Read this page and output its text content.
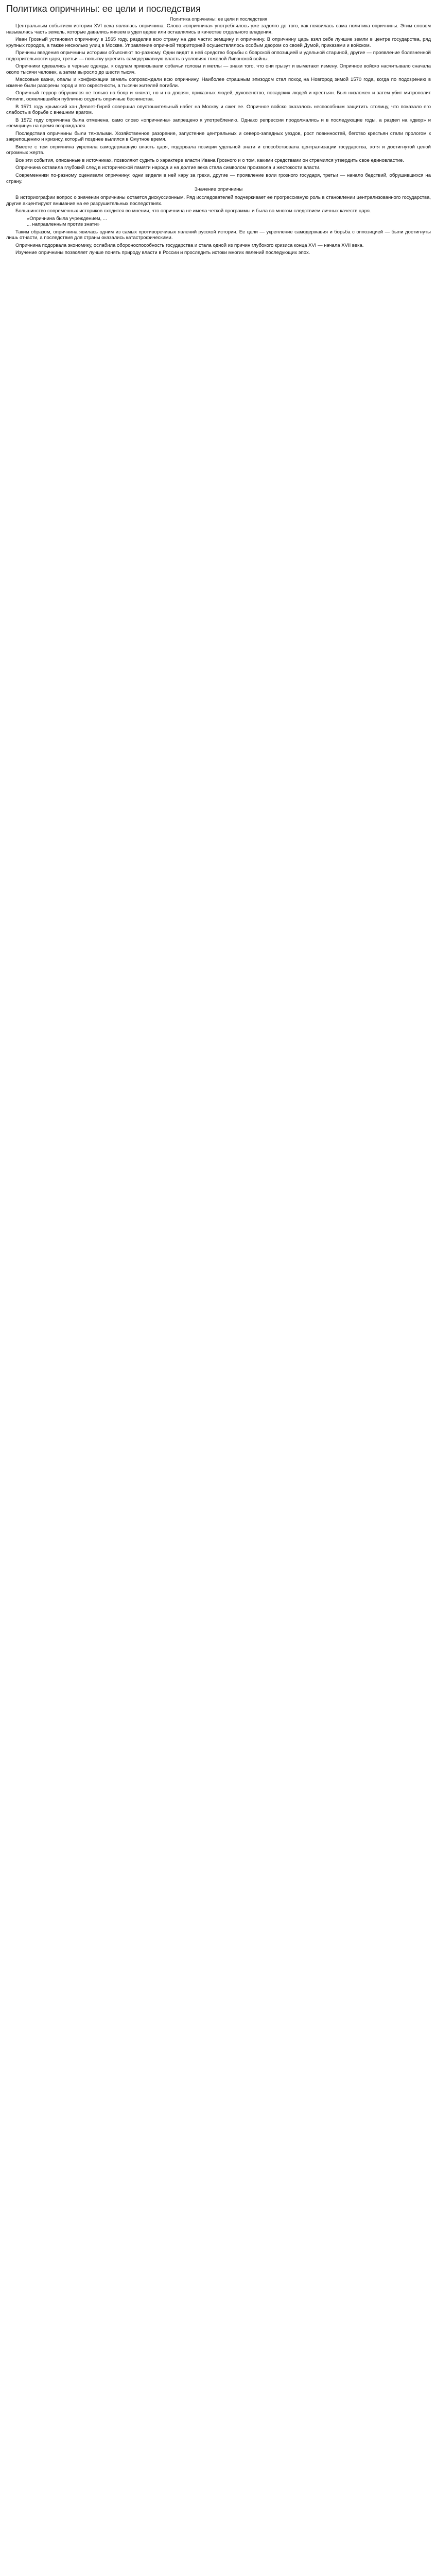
Политика опричнины: ее цели и последствия
Политика опричнины: ее цели и последствия

Центральным событием истории XVI века являлась опричнина. Слово «опричнина» употреблялось уже задолго до того, как появилась сама политика опричнины. Этим словом называлась часть земель, которые давались князем в удел вдове или оставлялись в качестве отдельного владения.

Иван Грозный установил опричнину в 1565 году, разделив всю страну на две части: земщину и опричнину. В опричнину царь взял себе лучшие земли в центре государства, ряд крупных городов, а также несколько улиц в Москве. Управление опричной территорией осуществлялось особым двором со своей Думой, приказами и войском.

Причины введения опричнины историки объясняют по-разному. Одни видят в ней средство борьбы с боярской оппозицией и удельной стариной, другие — проявление болезненной подозрительности царя, третьи — попытку укрепить самодержавную власть в условиях тяжелой Ливонской войны.

Опричники одевались в черные одежды, к седлам привязывали собачьи головы и метлы — знаки того, что они грызут и выметают измену. Опричное войско насчитывало сначала около тысячи человек, а затем выросло до шести тысяч.

Массовые казни, опалы и конфискации земель сопровождали всю опричнину. Наиболее страшным эпизодом стал поход на Новгород зимой 1570 года, когда по подозрению в измене были разорены город и его окрестности, а тысячи жителей погибли.

Опричный террор обрушился не только на бояр и княжат, но и на дворян, приказных людей, духовенство, посадских людей и крестьян. Был низложен и затем убит митрополит Филипп, осмелившийся публично осудить опричные бесчинства.

В 1571 году крымский хан Девлет-Гирей совершил опустошительный набег на Москву и сжег ее. Опричное войско оказалось неспособным защитить столицу, что показало его слабость в борьбе с внешним врагом.

В 1572 году опричнина была отменена, само слово «опричнина» запрещено к употреблению. Однако репрессии продолжались и в последующие годы, а раздел на «двор» и «земщину» на время возрождался.

Последствия опричнины были тяжелыми. Хозяйственное разорение, запустение центральных и северо-западных уездов, рост повинностей, бегство крестьян стали прологом к закрепощению и кризису, который позднее вылился в Смутное время.

Вместе с тем опричнина укрепила самодержавную власть царя, подорвала позиции удельной знати и способствовала централизации государства, хотя и достигнутой ценой огромных жертв.

Все эти события, описанные в источниках, позволяют судить о характере власти Ивана Грозного и о том, какими средствами он стремился утвердить свое единовластие.

Опричнина оставила глубокий след в исторической памяти народа и на долгие века стала символом произвола и жестокости власти.

Современники по-разному оценивали опричнину: одни видели в ней кару за грехи, другие — проявление воли грозного государя, третьи — начало бедствий, обрушившихся на страну.

Значение опричнины

В историографии вопрос о значении опричнины остается дискуссионным. Ряд исследователей подчеркивает ее прогрессивную роль в становлении централизованного государства, другие акцентируют внимание на ее разрушительных последствиях.

Большинство современных историков сходится во мнении, что опричнина не имела четкой программы и была во многом следствием личных качеств царя.

«Опричнина была учреждением, ...
... направленным против знати»

Таким образом, опричнина явилась одним из самых противоречивых явлений русской истории. Ее цели — укрепление самодержавия и борьба с оппозицией — были достигнуты лишь отчасти, а последствия для страны оказались катастрофическими.

Опричнина подорвала экономику, ослабила обороноспособность государства и стала одной из причин глубокого кризиса конца XVI — начала XVII века.

Изучение опричнины позволяет лучше понять природу власти в России и проследить истоки многих явлений последующих эпох.
